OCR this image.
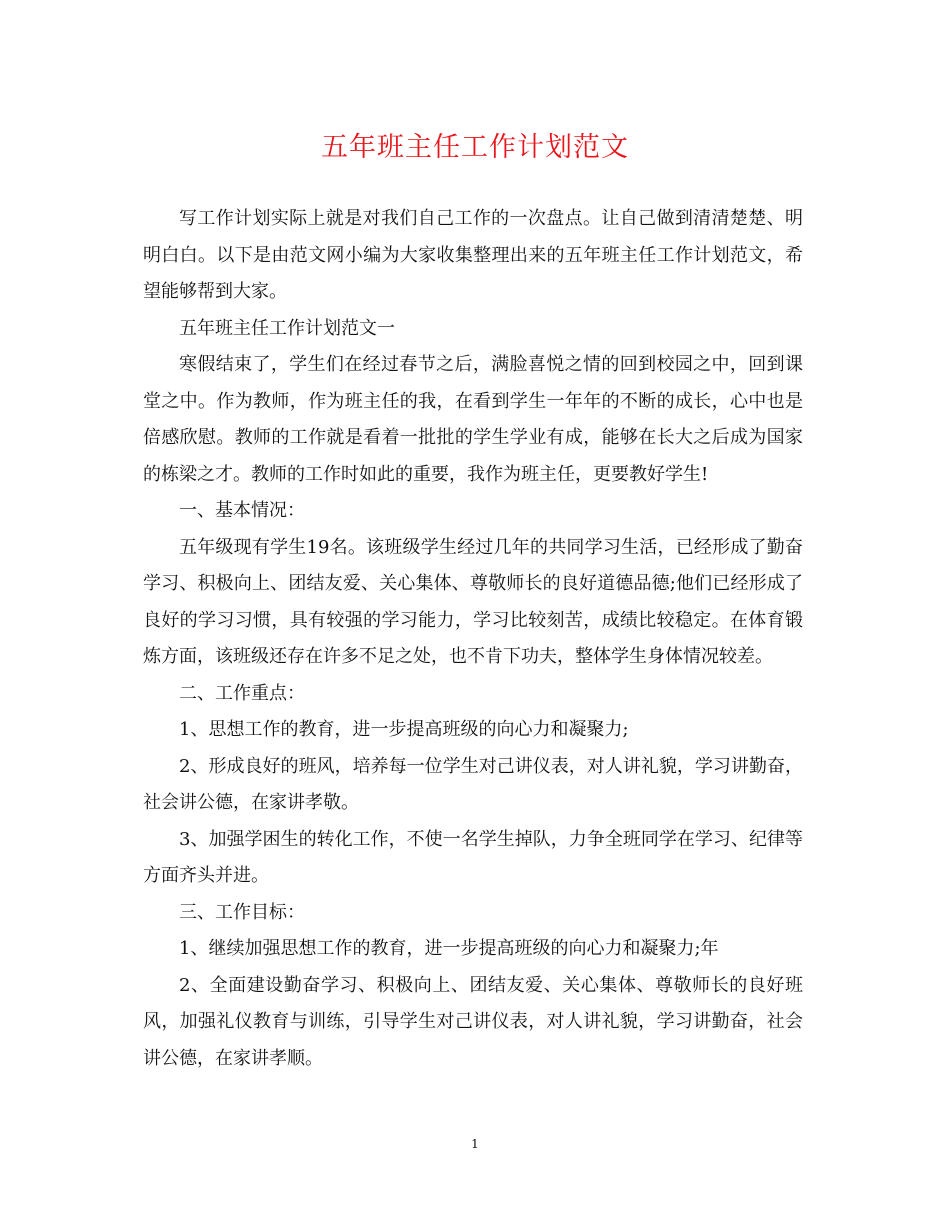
五年班主任工作计划范文

写工作计划实际上就是对我们自己工作的一次盘点。让自己做到清清楚楚、明明白白。以下是由范文网小编为大家收集整理出来的五年班主任工作计划范文，希望能够帮到大家。

五年班主任工作计划范文一

寒假结束了，学生们在经过春节之后，满脸喜悦之情的回到校园之中，回到课堂之中。作为教师，作为班主任的我，在看到学生一年年的不断的成长，心中也是倍感欣慰。教师的工作就是看着一批批的学生学业有成，能够在长大之后成为国家的栋梁之才。教师的工作时如此的重要，我作为班主任，更要教好学生!

一、基本情况：

五年级现有学生19名。该班级学生经过几年的共同学习生活，已经形成了勤奋学习、积极向上、团结友爱、关心集体、尊敬师长的良好道德品德;他们已经形成了良好的学习习惯，具有较强的学习能力，学习比较刻苦，成绩比较稳定。在体育锻炼方面，该班级还存在许多不足之处，也不肯下功夫，整体学生身体情况较差。

二、工作重点：

1、思想工作的教育，进一步提高班级的向心力和凝聚力;

2、形成良好的班风，培养每一位学生对己讲仪表，对人讲礼貌，学习讲勤奋，社会讲公德，在家讲孝敬。

3、加强学困生的转化工作，不使一名学生掉队，力争全班同学在学习、纪律等方面齐头并进。

三、工作目标：

1、继续加强思想工作的教育，进一步提高班级的向心力和凝聚力;年

2、全面建设勤奋学习、积极向上、团结友爱、关心集体、尊敬师长的良好班风，加强礼仪教育与训练，引导学生对己讲仪表，对人讲礼貌，学习讲勤奋，社会讲公德，在家讲孝顺。

1
